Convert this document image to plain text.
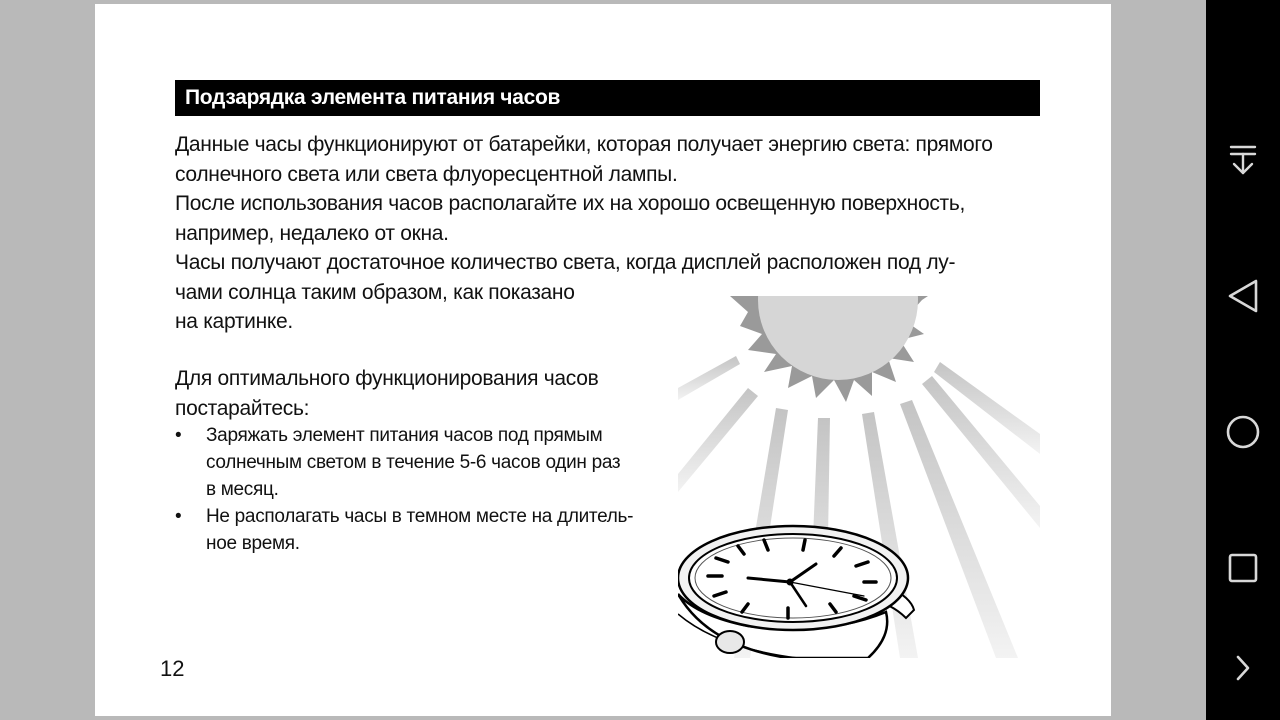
Подзарядка элемента питания часов
Данные часы функционируют от батарейки, которая получает энергию света: прямого
солнечного света или света флуоресцентной лампы.
После использования часов располагайте их на хорошо освещенную поверхность,
например, недалеко от окна.
Часы получают достаточное количество света, когда дисплей расположен под лу-
чами солнца таким образом, как показано
на картинке.
Для оптимального функционирования часов
постарайтесь:
• Заряжать элемент питания часов под прямым
солнечным светом в течение 5-6 часов один раз
в месяц.
• Не располагать часы в темном месте на длитель-
ное время.
12
